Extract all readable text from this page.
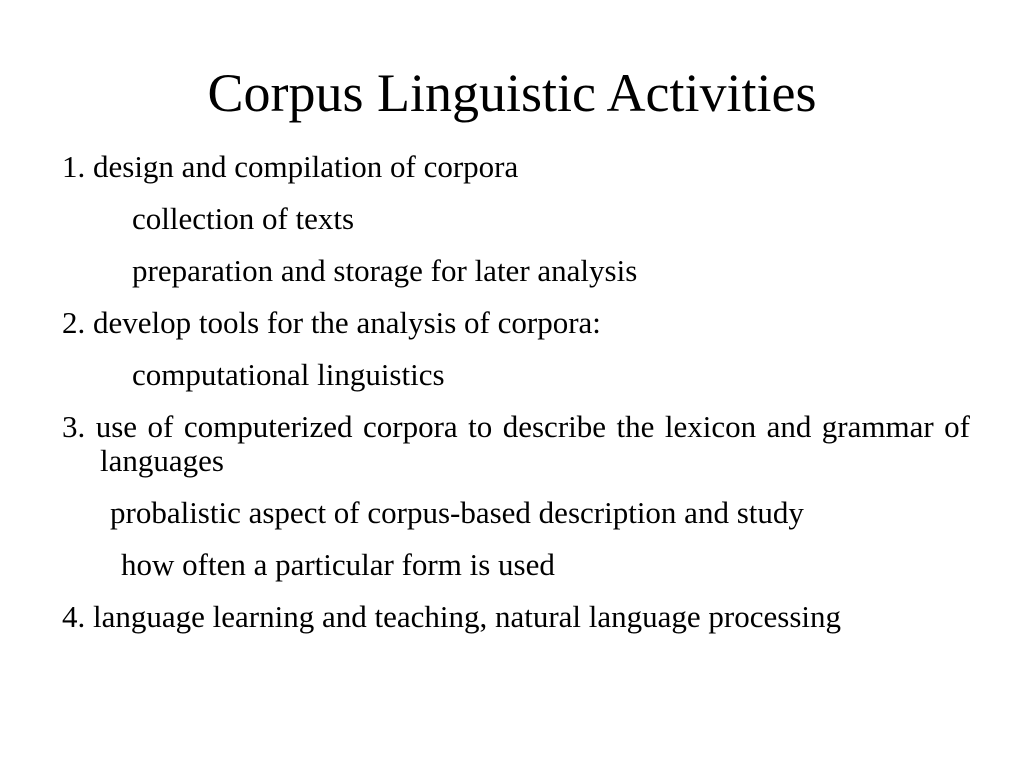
Corpus Linguistic Activities

1. design and compilation of corpora

collection of texts

preparation and storage for later analysis

2. develop tools for the analysis of corpora:

computational linguistics

3. use of computerized corpora to describe the lexicon and grammar of languages

probalistic aspect of corpus-based description and study

how often a particular form is used

4. language learning and teaching, natural language processing
